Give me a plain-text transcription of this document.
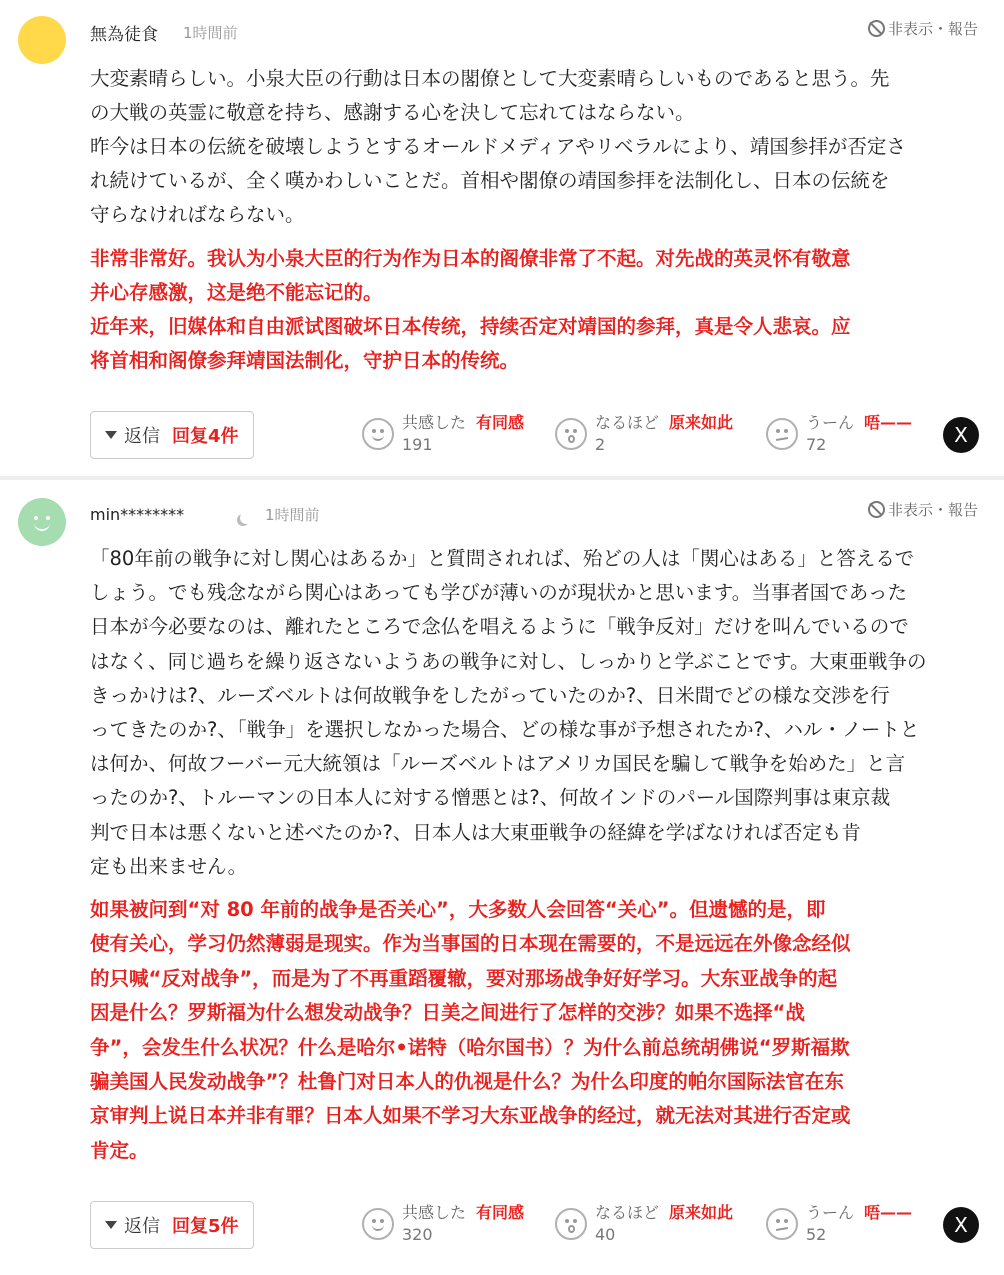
無為徒食 1時間前	非表示・報告
大変素晴らしい。小泉大臣の行動は日本の閣僚として大変素晴らしいものであると思う。先
の大戦の英霊に敬意を持ち、感謝する心を決して忘れてはならない。
昨今は日本の伝統を破壊しようとするオールドメディアやリベラルにより、靖国参拝が否定さ
れ続けているが、全く嘆かわしいことだ。首相や閣僚の靖国参拝を法制化し、日本の伝統を
守らなければならない。
非常非常好。我认为小泉大臣的行为作为日本的阁僚非常了不起。对先战的英灵怀有敬意
并心存感激，这是绝不能忘记的。
近年来，旧媒体和自由派试图破坏日本传统，持续否定对靖国的参拜，真是令人悲哀。应
将首相和阁僚参拜靖国法制化，守护日本的传统。
返信 回复4件
共感した 有同感
191
なるほど 原来如此
2
うーん 唔——
72	X
min********	1時間前	非表示・報告
「80年前の戦争に対し関心はあるか」と質問されれば、殆どの人は「関心はある」と答えるで
しょう。でも残念ながら関心はあっても学びが薄いのが現状かと思います。当事者国であった
日本が今必要なのは、離れたところで念仏を唱えるように「戦争反対」だけを叫んでいるので
はなく、同じ過ちを繰り返さないようあの戦争に対し、しっかりと学ぶことです。大東亜戦争の
きっかけは?、ルーズベルトは何故戦争をしたがっていたのか?、日米間でどの様な交渉を行
ってきたのか?、「戦争」を選択しなかった場合、どの様な事が予想されたか?、ハル・ノートと
は何か、何故フーバー元大統領は「ルーズベルトはアメリカ国民を騙して戦争を始めた」と言
ったのか?、トルーマンの日本人に対する憎悪とは?、何故インドのパール国際判事は東京裁
判で日本は悪くないと述べたのか?、日本人は大東亜戦争の経緯を学ばなければ否定も肯
定も出来ません。
如果被问到“对 80 年前的战争是否关心”，大多数人会回答“关心”。但遗憾的是，即
使有关心，学习仍然薄弱是现实。作为当事国的日本现在需要的，不是远远在外像念经似
的只喊“反对战争”，而是为了不再重蹈覆辙，要对那场战争好好学习。大东亚战争的起
因是什么？罗斯福为什么想发动战争？日美之间进行了怎样的交涉？如果不选择“战
争”，会发生什么状况？什么是哈尔•诺特（哈尔国书）？为什么前总统胡佛说“罗斯福欺
骗美国人民发动战争”？杜鲁门对日本人的仇视是什么？为什么印度的帕尔国际法官在东
京审判上说日本并非有罪？日本人如果不学习大东亚战争的经过，就无法对其进行否定或
肯定。
返信 回复5件
共感した 有同感
320
なるほど 原来如此
40
うーん 唔——
52	X
